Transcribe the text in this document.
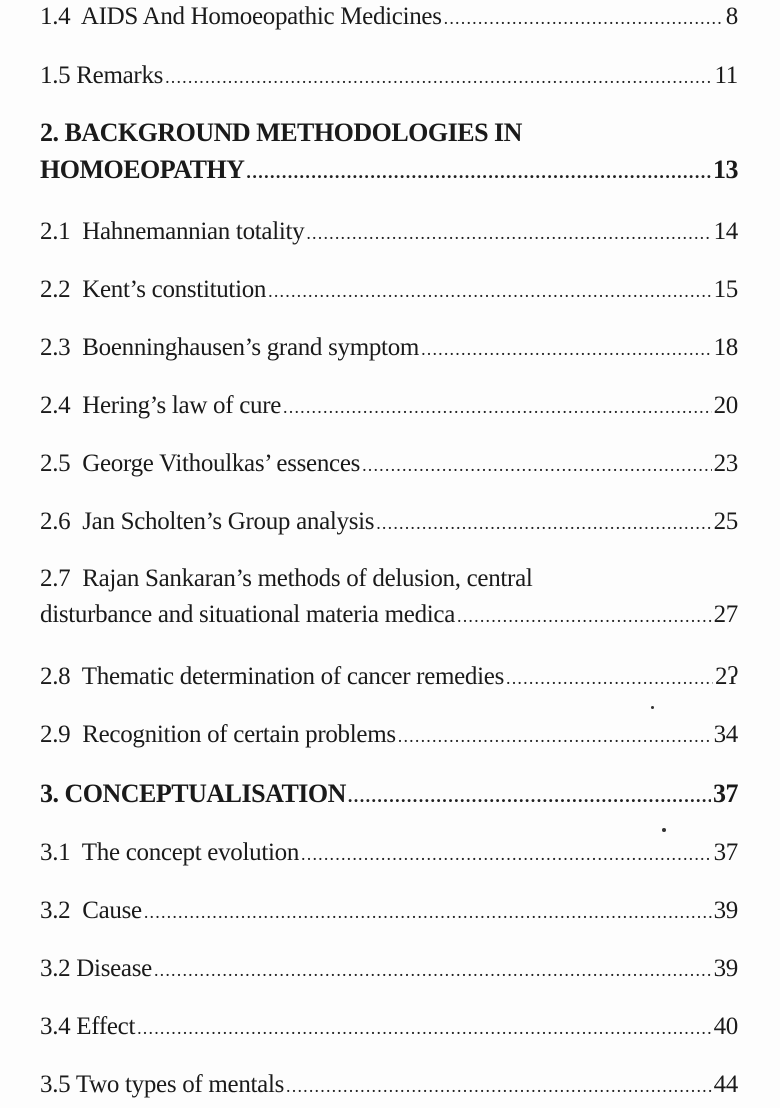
1.4  AIDS And Homoeopathic Medicines .....	8
1.5 Remarks .....	11
2. BACKGROUND METHODOLOGIES IN
HOMOEOPATHY .....	13
2.1  Hahnemannian totality .....	14
2.2  Kent’s constitution .....	15
2.3  Boenninghausen’s grand symptom .....	18
2.4  Hering’s law of cure .....	20
2.5  George Vithoulkas’ essences .....	23
2.6  Jan Scholten’s Group analysis .....	25
2.7  Rajan Sankaran’s methods of delusion, central
disturbance and situational materia medica .....	27
2.8  Thematic determination of cancer remedies .....	2ʔ
2.9  Recognition of certain problems .....	34
3. CONCEPTUALISATION .....	37
3.1  The concept evolution .....	37
3.2  Cause .....	39
3.2 Disease .....	39
3.4 Effect .....	40
3.5 Two types of mentals .....	44
